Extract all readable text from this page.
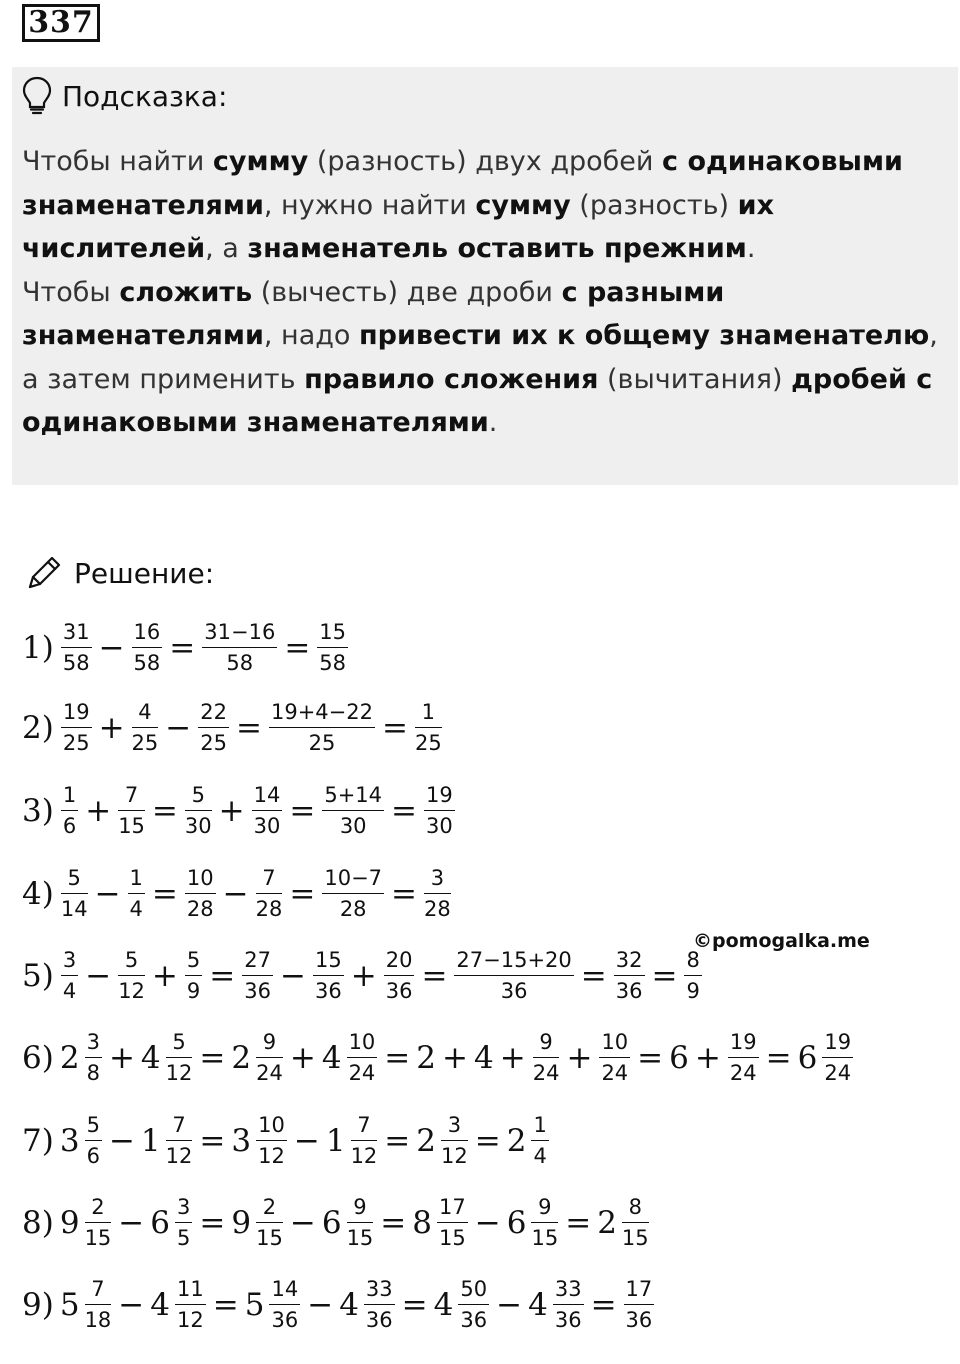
337
Подсказка:

Чтобы найти сумму (разность) двух дробей с одинаковыми знаменателями, нужно найти сумму (разность) их числителей, а знаменатель оставить прежним.

Чтобы сложить (вычесть) две дроби с разными знаменателями, надо привести их к общему знаменателю, а затем применить правило сложения (вычитания) дробей с одинаковыми знаменателями.

Решение:
$1) \frac{31}{58} - \frac{16}{58} = \frac{31-16}{58} = \frac{15}{58}$
$2) \frac{19}{25} + \frac{4}{25} - \frac{22}{25} = \frac{19+4-22}{25} = \frac{1}{25}$
$3) \frac{1}{6} + \frac{7}{15} = \frac{5}{30} + \frac{14}{30} = \frac{5+14}{30} = \frac{19}{30}$
$4) \frac{5}{14} - \frac{1}{4} = \frac{10}{28} - \frac{7}{28} = \frac{10-7}{28} = \frac{3}{28}$
$5) \frac{3}{4} - \frac{5}{12} + \frac{5}{9} = \frac{27}{36} - \frac{15}{36} + \frac{20}{36} = \frac{27-15+20}{36} = \frac{32}{36} = \frac{8}{9}$
6) $2 \frac{3}{8} + 4 \frac{5}{12} = 2 \frac{9}{24} + 4 \frac{10}{24} = 2 + 4 + \frac{9}{24} + \frac{10}{24} = 6 + \frac{19}{24} = 6 \frac{19}{24}$
7) $3 \frac{5}{6} - 1 \frac{7}{12} = 3 \frac{10}{12} - 1 \frac{7}{12} = 2 \frac{3}{12} = 2 \frac{1}{4}$
8) $9 \frac{2}{15} - 6 \frac{3}{5} = 9 \frac{2}{15} - 6 \frac{9}{15} = 8 \frac{17}{15} - 6 \frac{9}{15} = 2 \frac{8}{15}$
9) $5 \frac{7}{18} - 4 \frac{11}{12} = 5 \frac{14}{36} - 4 \frac{33}{36} = 4 \frac{50}{36} - 4 \frac{33}{36} = \frac{17}{36}$
©pomogalka.me
